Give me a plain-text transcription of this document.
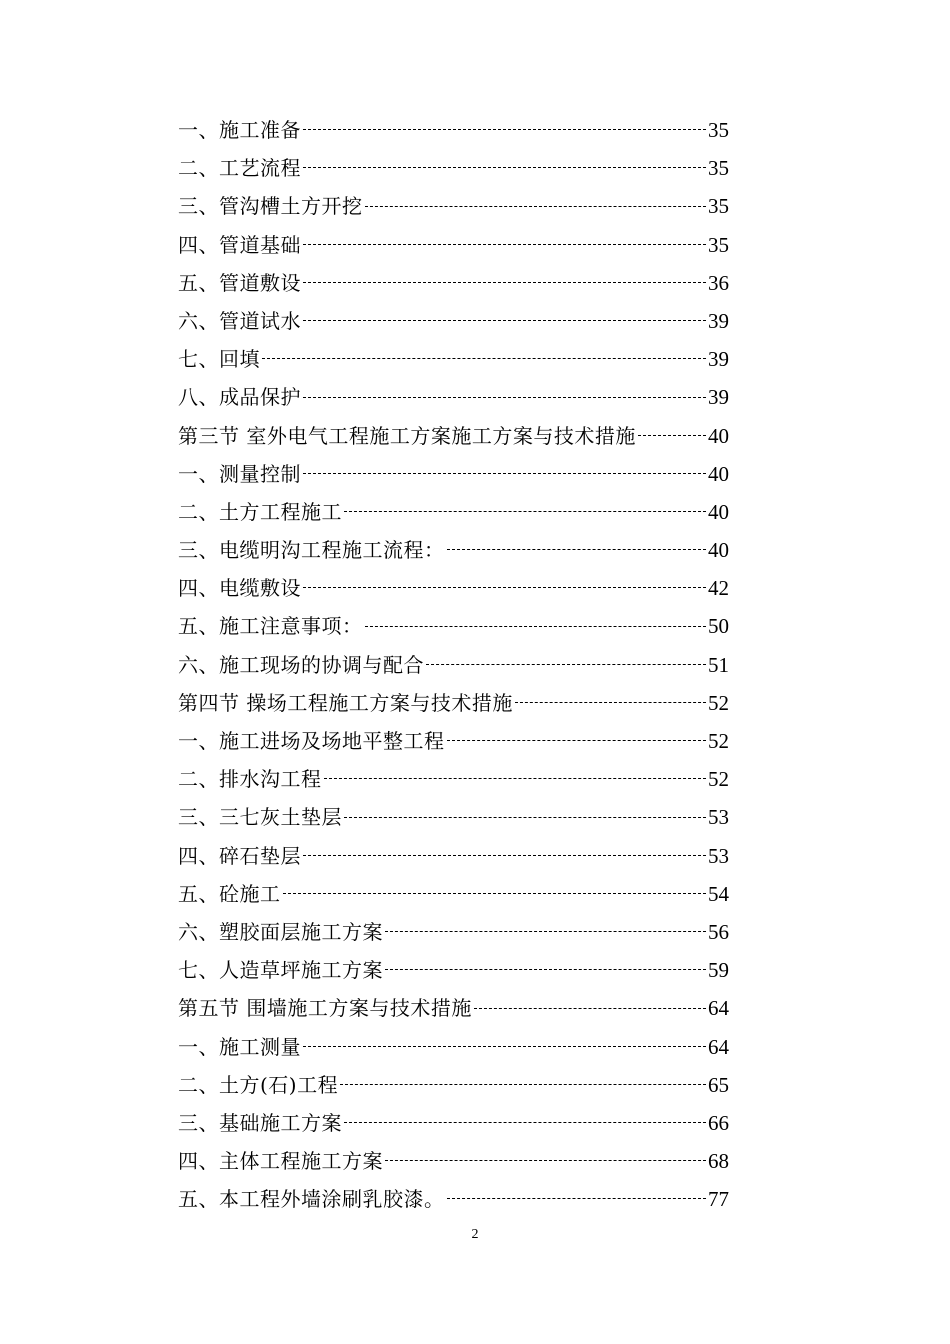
一、施工准备	35
二、工艺流程	35
三、管沟槽土方开挖	35
四、管道基础	35
五、管道敷设	36
六、管道试水	39
七、回填	39
八、成品保护	39
第三节 室外电气工程施工方案施工方案与技术措施	40
一、测量控制	40
二、土方工程施工	40
三、电缆明沟工程施工流程：	40
四、电缆敷设	42
五、施工注意事项：	50
六、施工现场的协调与配合	51
第四节 操场工程施工方案与技术措施	52
一、施工进场及场地平整工程	52
二、排水沟工程	52
三、三七灰土垫层	53
四、碎石垫层	53
五、砼施工	54
六、塑胶面层施工方案	56
七、人造草坪施工方案	59
第五节 围墙施工方案与技术措施	64
一、施工测量	64
二、土方(石)工程	65
三、基础施工方案	66
四、主体工程施工方案	68
五、本工程外墙涂刷乳胶漆。	77
2
